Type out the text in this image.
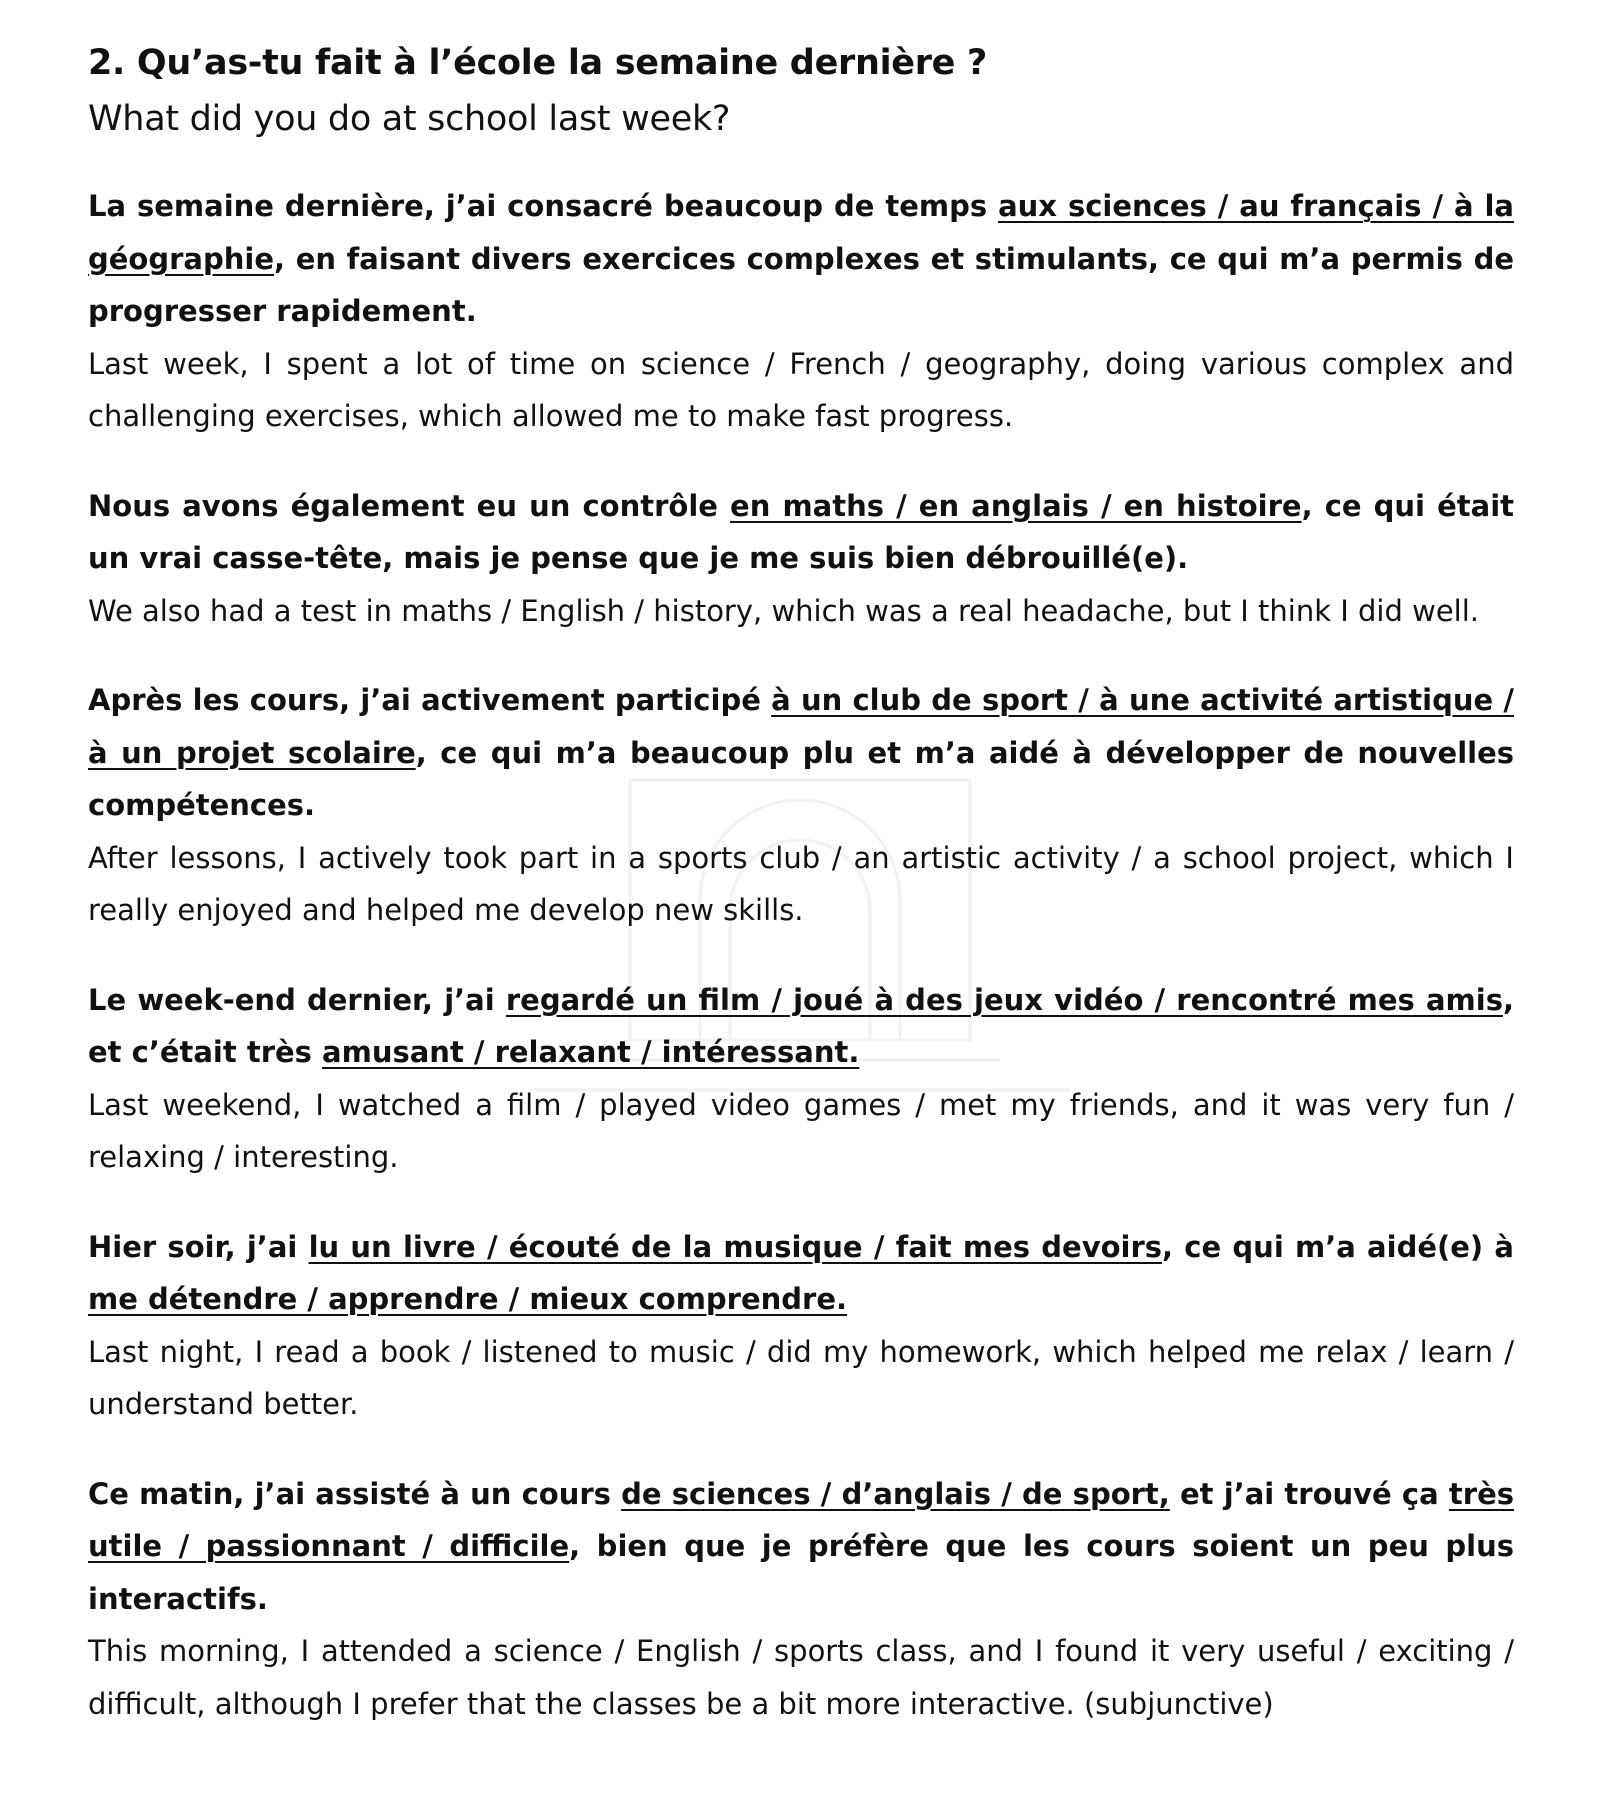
2. Qu’as-tu fait à l’école la semaine dernière ?
What did you do at school last week?

La semaine dernière, j’ai consacré beaucoup de temps aux sciences / au français / à la géographie, en faisant divers exercices complexes et stimulants, ce qui m’a permis de progresser rapidement.

Last week, I spent a lot of time on science / French / geography, doing various complex and challenging exercises, which allowed me to make fast progress.

Nous avons également eu un contrôle en maths / en anglais / en histoire, ce qui était un vrai casse-tête, mais je pense que je me suis bien débrouillé(e).

We also had a test in maths / English / history, which was a real headache, but I think I did well.

Après les cours, j’ai activement participé à un club de sport / à une activité artistique / à un projet scolaire, ce qui m’a beaucoup plu et m’a aidé à développer de nouvelles compétences.

After lessons, I actively took part in a sports club / an artistic activity / a school project, which I really enjoyed and helped me develop new skills.

Le week-end dernier, j’ai regardé un film / joué à des jeux vidéo / rencontré mes amis, et c’était très amusant / relaxant / intéressant.

Last weekend, I watched a film / played video games / met my friends, and it was very fun / relaxing / interesting.

Hier soir, j’ai lu un livre / écouté de la musique / fait mes devoirs, ce qui m’a aidé(e) à me détendre / apprendre / mieux comprendre.

Last night, I read a book / listened to music / did my homework, which helped me relax / learn / understand better.

Ce matin, j’ai assisté à un cours de sciences / d’anglais / de sport, et j’ai trouvé ça très utile / passionnant / difficile, bien que je préfère que les cours soient un peu plus interactifs.

This morning, I attended a science / English / sports class, and I found it very useful / exciting / difficult, although I prefer that the classes be a bit more interactive. (subjunctive)
